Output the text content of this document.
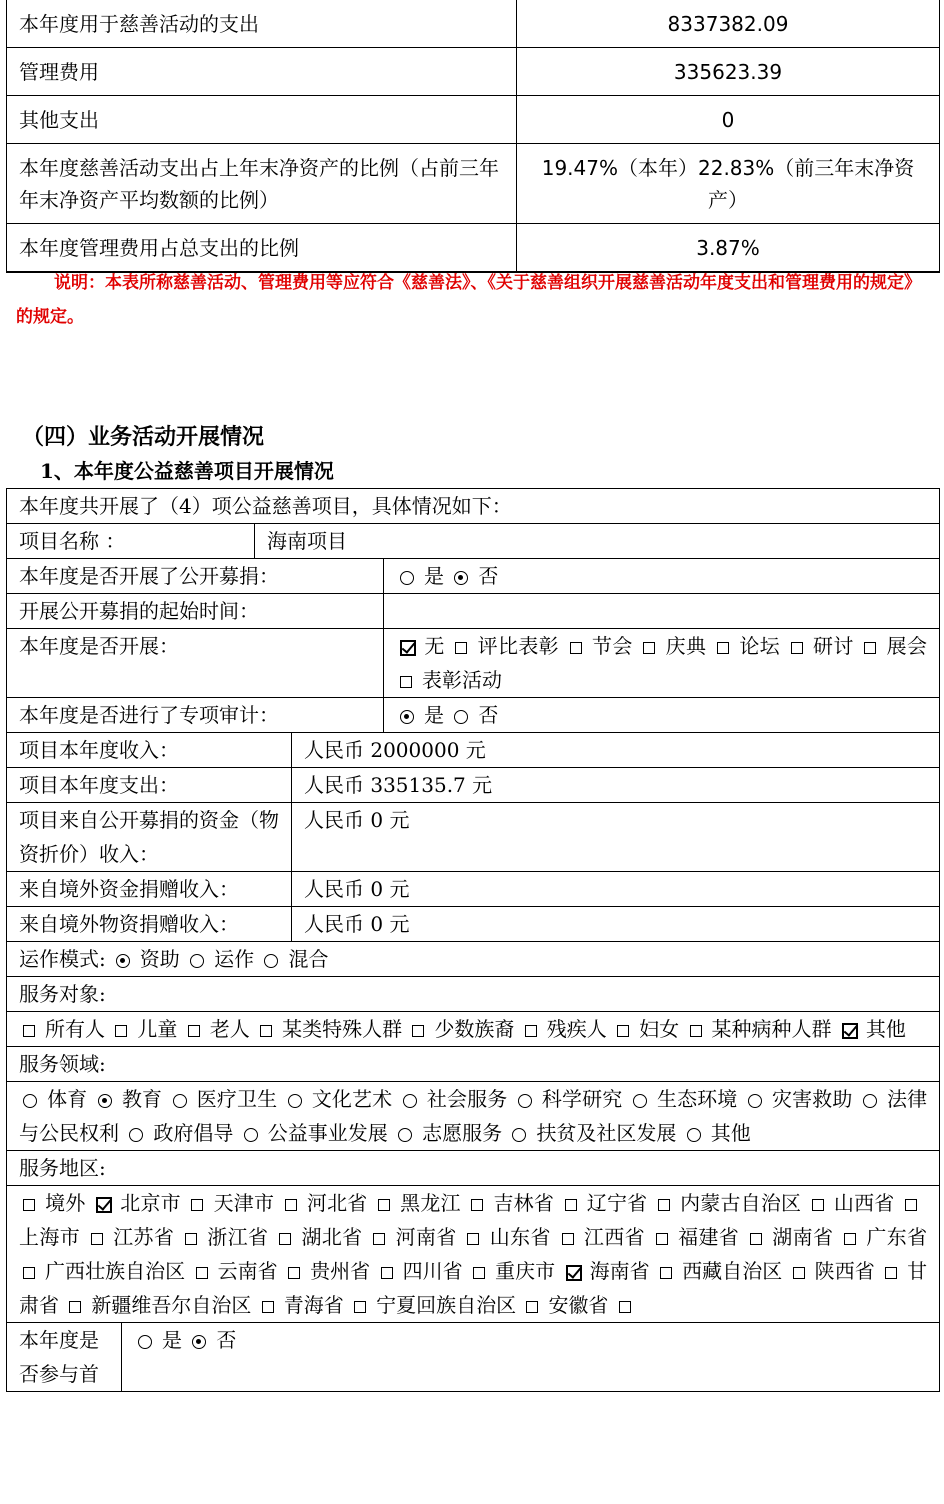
本年度用于慈善活动的支出	8337382.09
管理费用	335623.39
其他支出	0
本年度慈善活动支出占上年末净资产的比例（占前三年年末净资产平均数额的比例）	19.47%（本年）22.83%（前三年末净资产）
本年度管理费用占总支出的比例	3.87%
说明：本表所称慈善活动、管理费用等应符合《慈善法》、《关于慈善组织开展慈善活动年度支出和管理费用的规定》的规定。
（四）业务活动开展情况
1、本年度公益慈善项目开展情况
本年度共开展了（4）项公益慈善项目，具体情况如下：				
项目名称 ：		海南项目		
本年度是否开展了公开募捐：				是 否
开展公开募捐的起始时间：				
本年度是否开展：				无 评比表彰 节会 庆典 论坛 研讨 展会 表彰活动
本年度是否进行了专项审计：				是 否
项目本年度收入：			人民币 2000000 元	
项目本年度支出：			人民币 335135.7 元	
项目来自公开募捐的资金（物资折价）收入：			人民币 0 元	
来自境外资金捐赠收入：			人民币 0 元	
来自境外物资捐赠收入：			人民币 0 元	
运作模式: 资助 运作 混合				
服务对象:				
所有人 儿童 老人 某类特殊人群 少数族裔 残疾人 妇女 某种病种人群 其他				
服务领域:				
体育 教育 医疗卫生 文化艺术 社会服务 科学研究 生态环境 灾害救助 法律与公民权利 政府倡导 公益事业发展 志愿服务 扶贫及社区发展 其他				
服务地区:				
境外 北京市 天津市 河北省 黑龙江 吉林省 辽宁省 内蒙古自治区 山西省 上海市 江苏省 浙江省 湖北省 河南省 山东省 江西省 福建省 湖南省 广东省 广西壮族自治区 云南省 贵州省 四川省 重庆市 海南省 西藏自治区 陕西省 甘肃省 新疆维吾尔自治区 青海省 宁夏回族自治区 安徽省				
本年度是否参与首	是 否			
